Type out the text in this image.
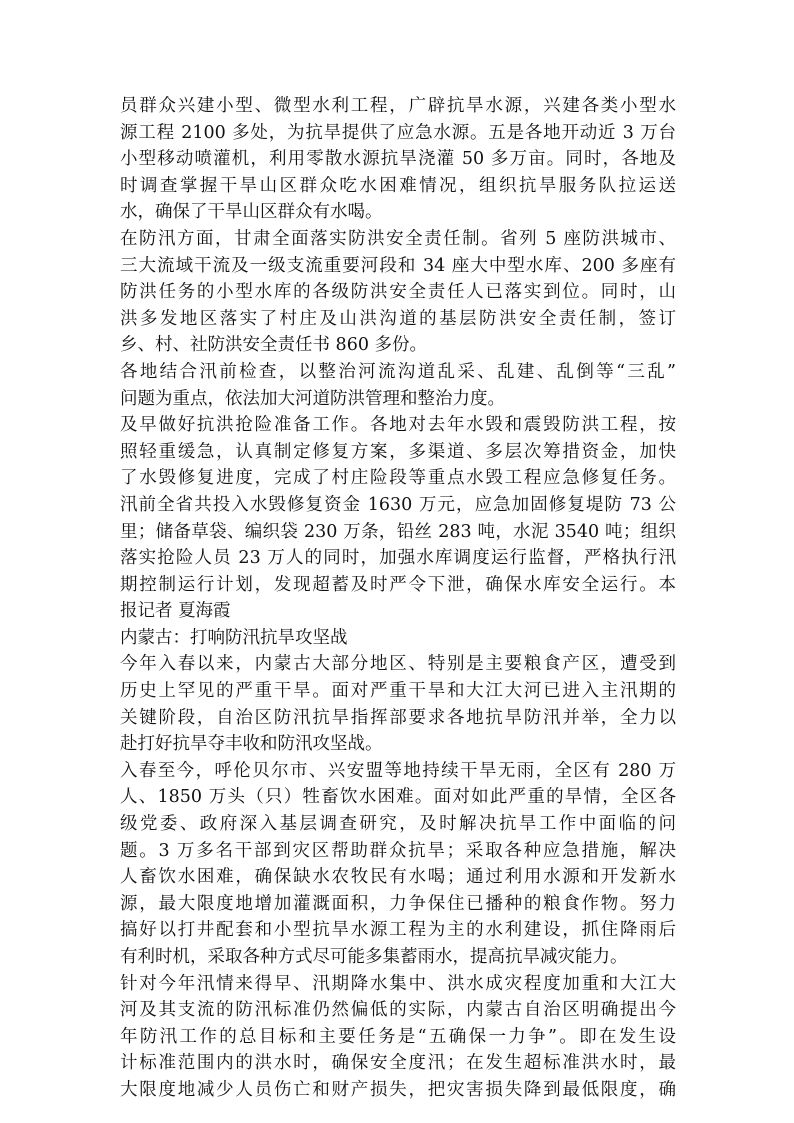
员群众兴建小型、微型水利工程，广辟抗旱水源，兴建各类小型水
源工程 2100 多处，为抗旱提供了应急水源。五是各地开动近 3 万台
小型移动喷灌机，利用零散水源抗旱浇灌 50 多万亩。同时，各地及
时调查掌握干旱山区群众吃水困难情况，组织抗旱服务队拉运送
水，确保了干旱山区群众有水喝。
在防汛方面，甘肃全面落实防洪安全责任制。省列 5 座防洪城市、
三大流域干流及一级支流重要河段和 34 座大中型水库、200 多座有
防洪任务的小型水库的各级防洪安全责任人已落实到位。同时，山
洪多发地区落实了村庄及山洪沟道的基层防洪安全责任制，签订
乡、村、社防洪安全责任书 860 多份。
各地结合汛前检查，以整治河流沟道乱采、乱建、乱倒等“三乱”
问题为重点，依法加大河道防洪管理和整治力度。
及早做好抗洪抢险准备工作。各地对去年水毁和震毁防洪工程，按
照轻重缓急，认真制定修复方案，多渠道、多层次筹措资金，加快
了水毁修复进度，完成了村庄险段等重点水毁工程应急修复任务。
汛前全省共投入水毁修复资金 1630 万元，应急加固修复堤防 73 公
里；储备草袋、编织袋 230 万条，铅丝 283 吨，水泥 3540 吨；组织
落实抢险人员 23 万人的同时，加强水库调度运行监督，严格执行汛
期控制运行计划，发现超蓄及时严令下泄，确保水库安全运行。本
报记者 夏海霞
内蒙古：打响防汛抗旱攻坚战
今年入春以来，内蒙古大部分地区、特别是主要粮食产区，遭受到
历史上罕见的严重干旱。面对严重干旱和大江大河已进入主汛期的
关键阶段，自治区防汛抗旱指挥部要求各地抗旱防汛并举，全力以
赴打好抗旱夺丰收和防汛攻坚战。
入春至今，呼伦贝尔市、兴安盟等地持续干旱无雨，全区有 280 万
人、1850 万头（只）牲畜饮水困难。面对如此严重的旱情，全区各
级党委、政府深入基层调查研究，及时解决抗旱工作中面临的问
题。3 万多名干部到灾区帮助群众抗旱；采取各种应急措施，解决
人畜饮水困难，确保缺水农牧民有水喝；通过利用水源和开发新水
源，最大限度地增加灌溉面积，力争保住已播种的粮食作物。努力
搞好以打井配套和小型抗旱水源工程为主的水利建设，抓住降雨后
有利时机，采取各种方式尽可能多集蓄雨水，提高抗旱减灾能力。
针对今年汛情来得早、汛期降水集中、洪水成灾程度加重和大江大
河及其支流的防汛标准仍然偏低的实际，内蒙古自治区明确提出今
年防汛工作的总目标和主要任务是“五确保一力争”。即在发生设
计标准范围内的洪水时，确保安全度汛；在发生超标准洪水时，最
大限度地减少人员伤亡和财产损失，把灾害损失降到最低限度，确
